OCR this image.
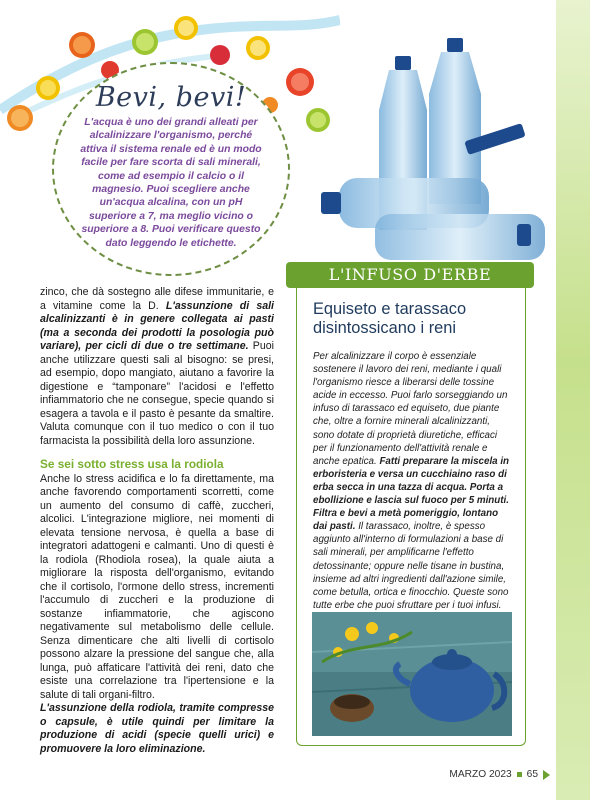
Bevi, bevi!
L'acqua è uno dei grandi alleati per alcalinizzare l'organismo, perché attiva il sistema renale ed è un modo facile per fare scorta di sali minerali, come ad esempio il calcio o il magnesio. Puoi scegliere anche un'acqua alcalina, con un pH superiore a 7, ma meglio vicino o superiore a 8. Puoi verificare questo dato leggendo le etichette.

zinco, che dà sostegno alle difese immunitarie, e a vitamine come la D. L'assunzione di sali alcalinizzanti è in genere collegata ai pasti (ma a seconda dei prodotti la posologia può variare), per cicli di due o tre settimane. Puoi anche utilizzare questi sali al bisogno: se presi, ad esempio, dopo mangiato, aiutano a favorire la digestione e “tamponare” l'acidosi e l'effetto infiammatorio che ne consegue, specie quando si esagera a tavola e il pasto è pesante da smaltire. Valuta comunque con il tuo medico o con il tuo farmacista la possibilità della loro assunzione.

Se sei sotto stress usa la rodiola

Anche lo stress acidifica e lo fa direttamente, ma anche favorendo comportamenti scorretti, come un aumento del consumo di caffè, zuccheri, alcolici. L'integrazione migliore, nei momenti di elevata tensione nervosa, è quella a base di integratori adattogeni e calmanti. Uno di questi è la rodiola (Rhodiola rosea), la quale aiuta a migliorare la risposta dell'organismo, evitando che il cortisolo, l'ormone dello stress, incrementi l'accumulo di zuccheri e la produzione di sostanze infiammatorie, che agiscono negativamente sul metabolismo delle cellule. Senza dimenticare che alti livelli di cortisolo possono alzare la pressione del sangue che, alla lunga, può affaticare l'attività dei reni, dato che esiste una correlazione tra l'ipertensione e la salute di tali organi-filtro.

L'assunzione della rodiola, tramite compresse o capsule, è utile quindi per limitare la produzione di acidi (specie quelli urici) e promuovere la loro eliminazione.

L'INFUSO D'ERBE
Equiseto e tarassaco disintossicano i reni

Per alcalinizzare il corpo è essenziale sostenere il lavoro dei reni, mediante i quali l'organismo riesce a liberarsi delle tossine acide in eccesso. Puoi farlo sorseggiando un infuso di tarassaco ed equiseto, due piante che, oltre a fornire minerali alcalinizzanti, sono dotate di proprietà diuretiche, efficaci per il funzionamento dell'attività renale e anche epatica. Fatti preparare la miscela in erboristeria e versa un cucchiaino raso di erba secca in una tazza di acqua. Porta a ebollizione e lascia sul fuoco per 5 minuti. Filtra e bevi a metà pomeriggio, lontano dai pasti. Il tarassaco, inoltre, è spesso aggiunto all'interno di formulazioni a base di sali minerali, per amplificarne l'effetto detossinante; oppure nelle tisane in bustina, insieme ad altri ingredienti dall'azione simile, come betulla, ortica e finocchio. Queste sono tutte erbe che puoi sfruttare per i tuoi infusi.

MARZO 2023 65
